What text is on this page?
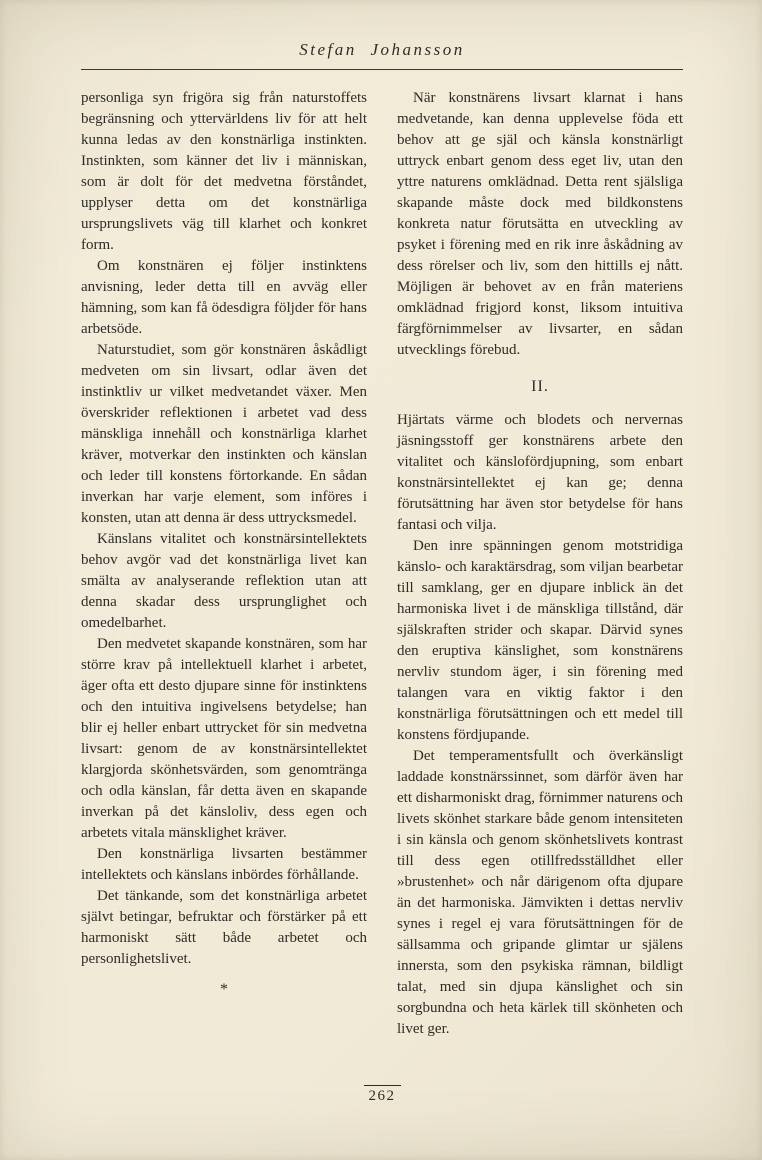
Stefan Johansson

personliga syn frigöra sig från naturstoffets begränsning och yttervärldens liv för att helt kunna ledas av den konstnärliga instinkten. Instinkten, som känner det liv i människan, som är dolt för det medvetna förståndet, upplyser detta om det konstnärliga ursprungslivets väg till klarhet och konkret form.

Om konstnären ej följer instinktens anvisning, leder detta till en avväg eller hämning, som kan få ödesdigra följder för hans arbetsöde.

Naturstudiet, som gör konstnären åskådligt medveten om sin livsart, odlar även det instinktliv ur vilket medvetandet växer. Men överskrider reflektionen i arbetet vad dess mänskliga innehåll och konstnärliga klarhet kräver, motverkar den instinkten och känslan och leder till konstens förtorkande. En sådan inverkan har varje element, som införes i konsten, utan att denna är dess uttrycksmedel.

Känslans vitalitet och konstnärsintellektets behov avgör vad det konstnärliga livet kan smälta av analyserande reflektion utan att denna skadar dess ursprunglighet och omedelbarhet.

Den medvetet skapande konstnären, som har större krav på intellektuell klarhet i arbetet, äger ofta ett desto djupare sinne för instinktens och den intuitiva ingivelsens betydelse; han blir ej heller enbart uttrycket för sin medvetna livsart: genom de av konstnärsintellektet klargjorda skönhetsvärden, som genomtränga och odla känslan, får detta även en skapande inverkan på det känsloliv, dess egen och arbetets vitala mänsklighet kräver.

Den konstnärliga livsarten bestämmer intellektets och känslans inbördes förhållande.

Det tänkande, som det konstnärliga arbetet självt betingar, befruktar och förstärker på ett harmoniskt sätt både arbetet och personlighetslivet.

*

När konstnärens livsart klarnat i hans medvetande, kan denna upplevelse föda ett behov att ge själ och känsla konstnärligt uttryck enbart genom dess eget liv, utan den yttre naturens omklädnad. Detta rent själsliga skapande måste dock med bildkonstens konkreta natur förutsätta en utveckling av psyket i förening med en rik inre åskådning av dess rörelser och liv, som den hittills ej nått. Möjligen är behovet av en från materiens omklädnad frigjord konst, liksom intuitiva färgförnimmelser av livsarter, en sådan utvecklings förebud.

II.

Hjärtats värme och blodets och nervernas jäsningsstoff ger konstnärens arbete den vitalitet och känslofördjupning, som enbart konstnärsintellektet ej kan ge; denna förutsättning har även stor betydelse för hans fantasi och vilja.

Den inre spänningen genom motstridiga känslo- och karaktärsdrag, som viljan bearbetar till samklang, ger en djupare inblick än det harmoniska livet i de mänskliga tillstånd, där själskraften strider och skapar. Därvid synes den eruptiva känslighet, som konstnärens nervliv stundom äger, i sin förening med talangen vara en viktig faktor i den konstnärliga förutsättningen och ett medel till konstens fördjupande.

Det temperamentsfullt och överkänsligt laddade konstnärssinnet, som därför även har ett disharmoniskt drag, förnimmer naturens och livets skönhet starkare både genom intensiteten i sin känsla och genom skönhetslivets kontrast till dess egen otillfredsställdhet eller »brustenhet» och når därigenom ofta djupare än det harmoniska. Jämvikten i dettas nervliv synes i regel ej vara förutsättningen för de sällsamma och gripande glimtar ur själens innersta, som den psykiska rämnan, bildligt talat, med sin djupa känslighet och sin sorgbundna och heta kärlek till skönheten och livet ger.

262
